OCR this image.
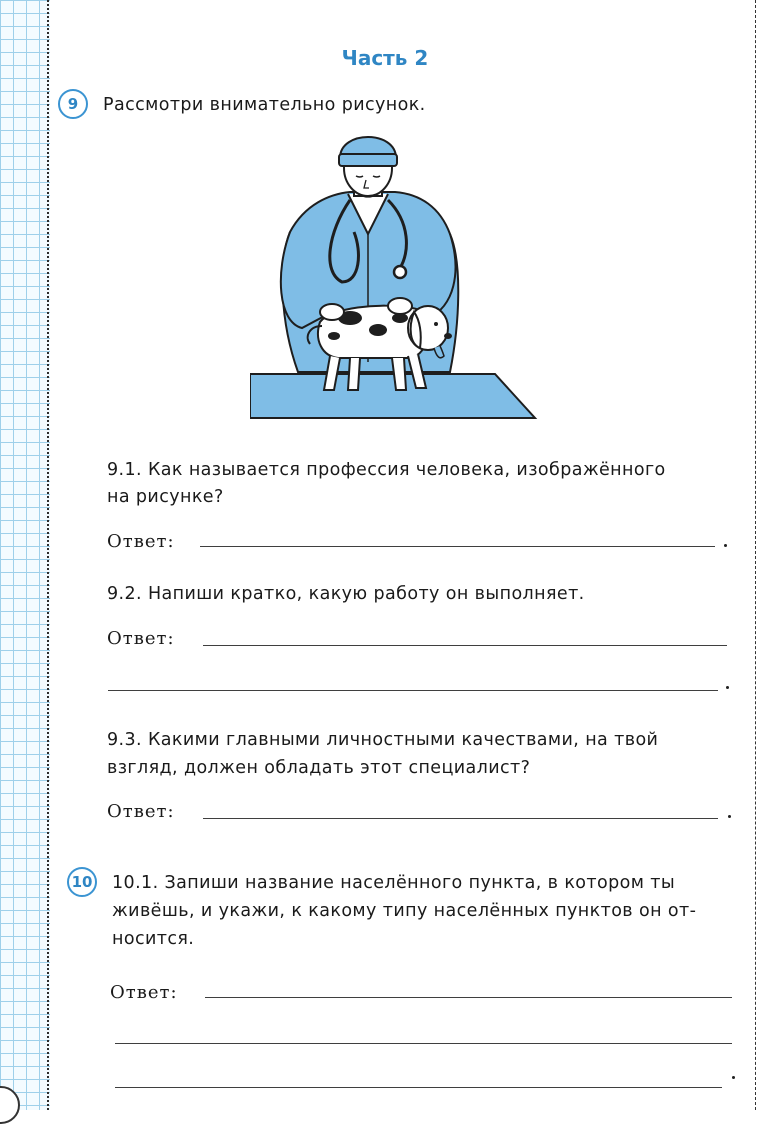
Часть 2
9	Рассмотри внимательно рисунок.
9.1. Как называется профессия человека, изображённого
на рисунке?
Ответ:
9.2. Напиши кратко, какую работу он выполняет.
Ответ:
9.3. Какими главными личностными качествами, на твой
взгляд, должен обладать этот специалист?
Ответ:
10 10.1. Запиши название населённого пункта, в котором ты
живёшь, и укажи, к какому типу населённых пунктов он от-
носится.
Ответ:
